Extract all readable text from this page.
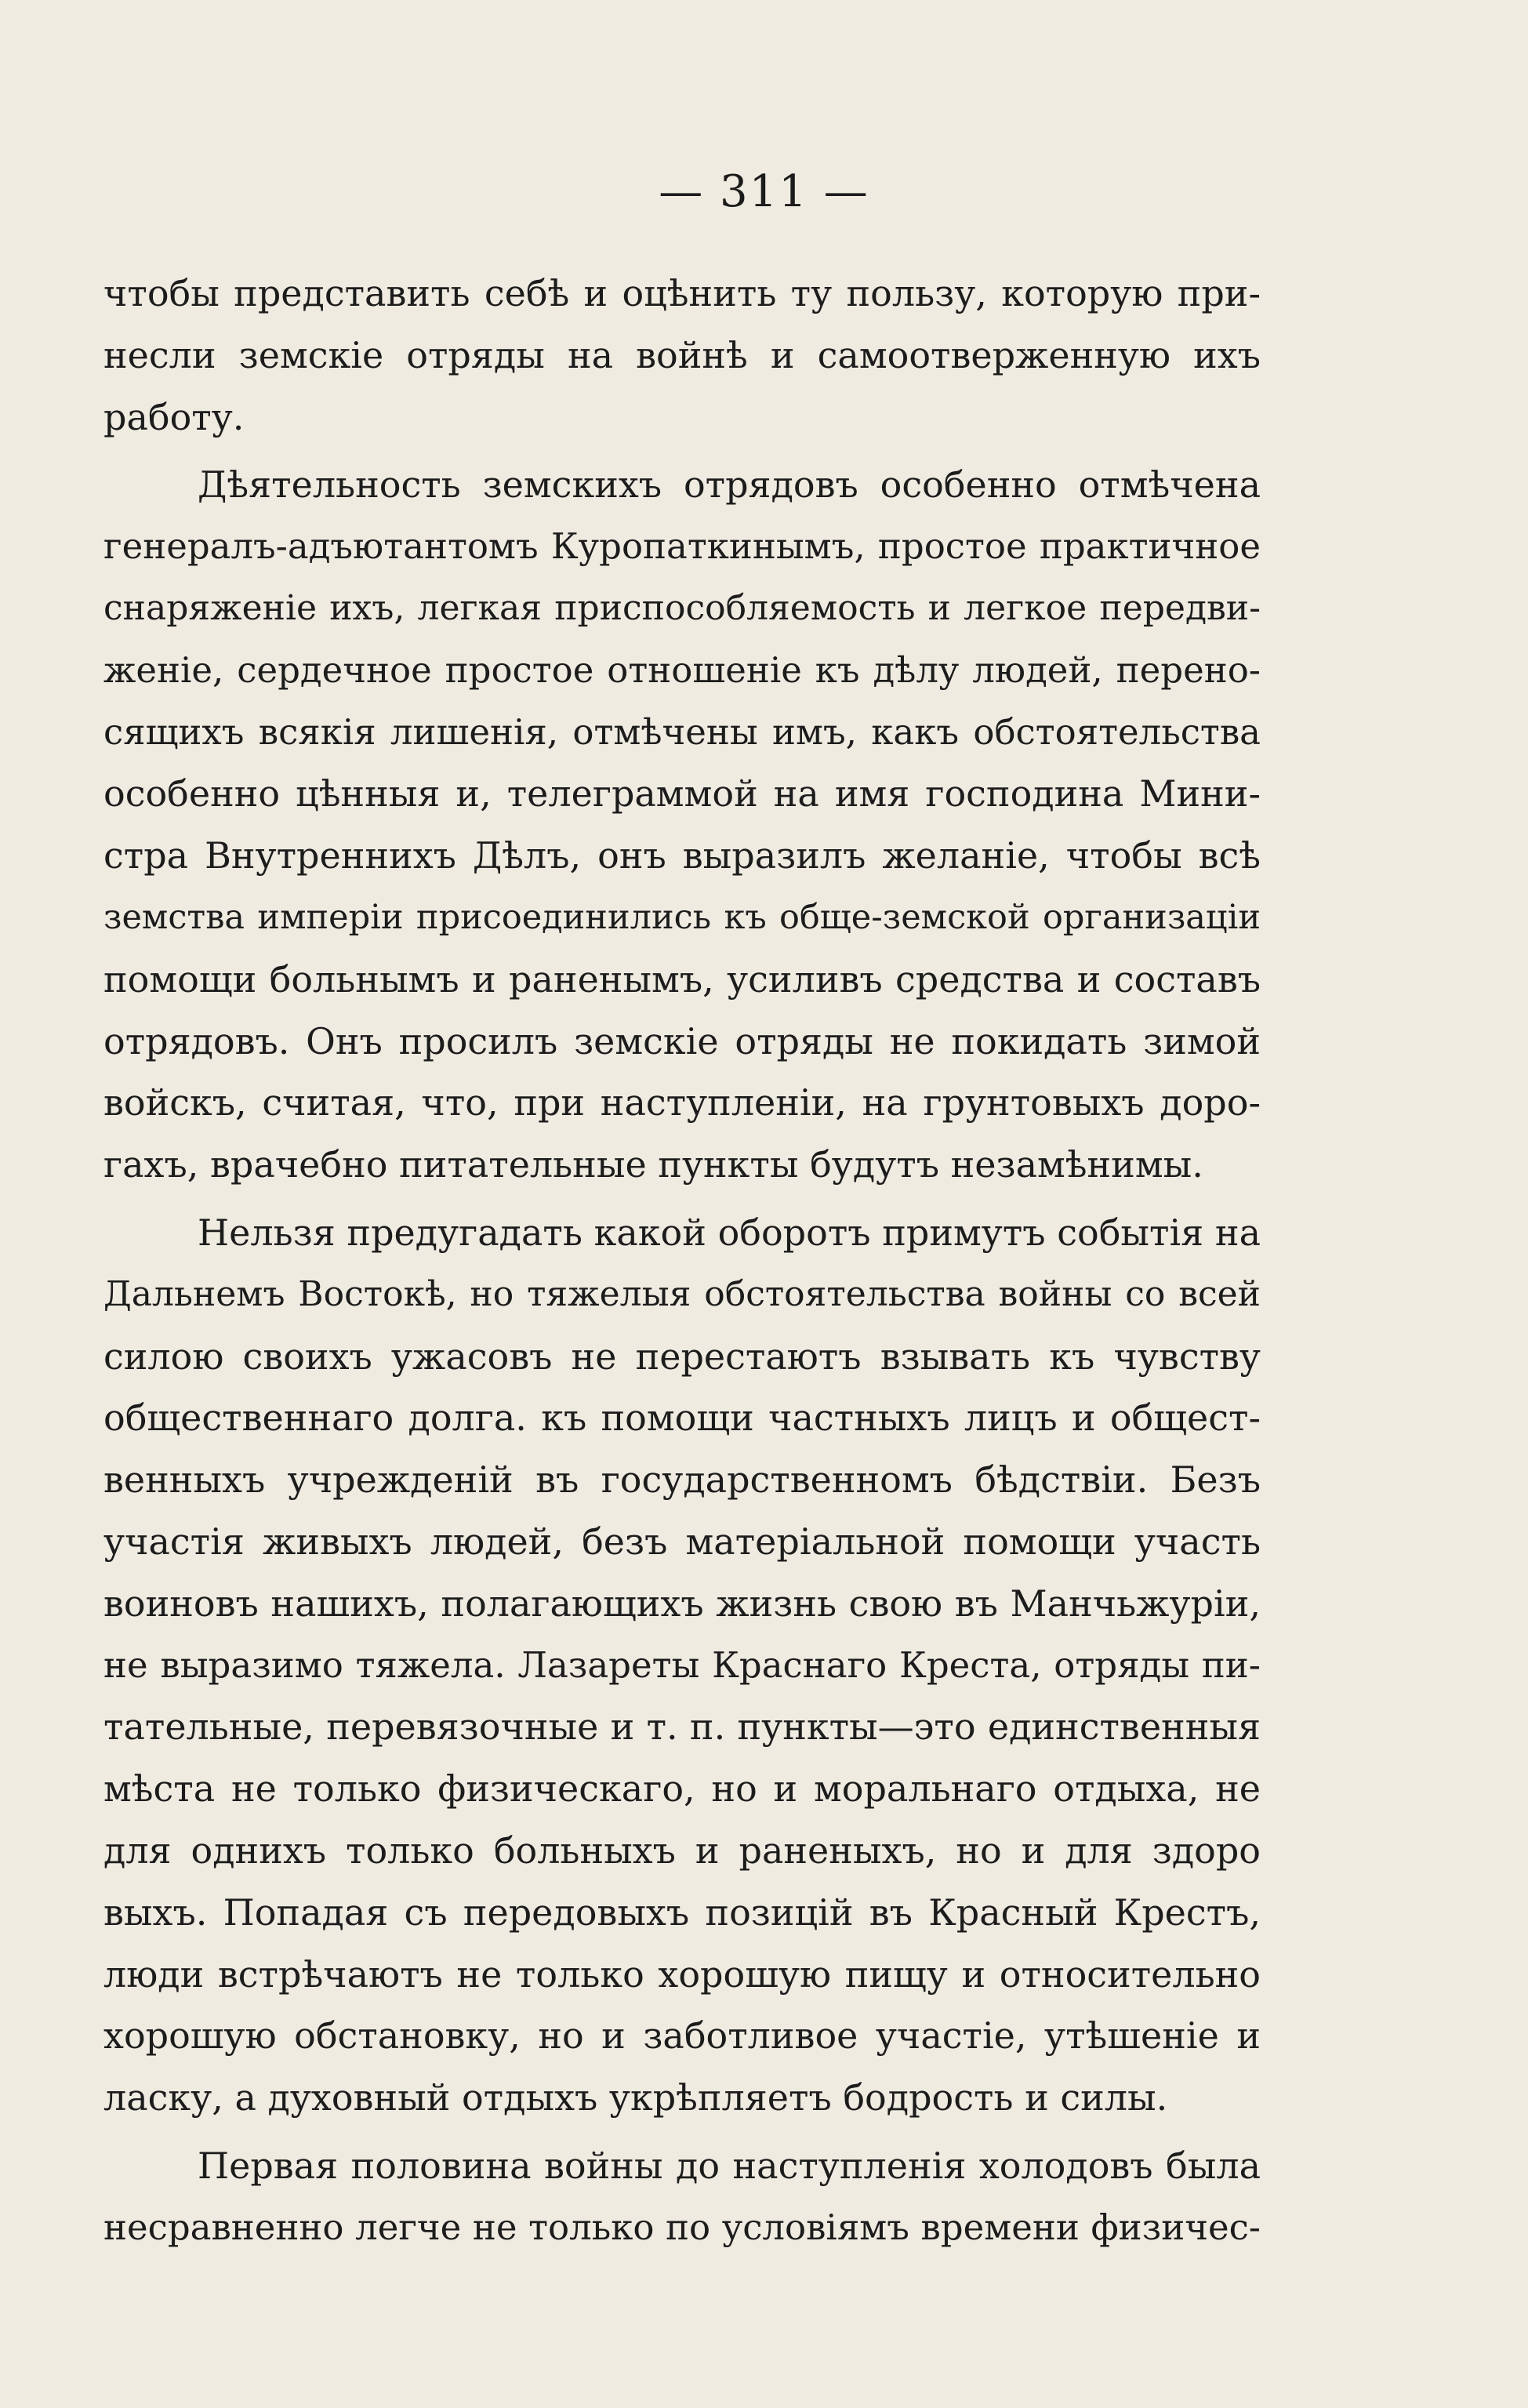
— 311 —
чтобы представить себѣ и оцѣнить ту пользу, которую при-
несли земскіе отряды на войнѣ и самоотверженную ихъ
работу.
Дѣятельность земскихъ отрядовъ особенно отмѣчена
генералъ-адъютантомъ Куропаткинымъ, простое практичное
снаряженіе ихъ, легкая приспособляемость и легкое передви-
женіе, сердечное простое отношеніе къ дѣлу людей, перено-
сящихъ всякія лишенія, отмѣчены имъ, какъ обстоятельства
особенно цѣнныя и, телеграммой на имя господина Мини-
стра Внутреннихъ Дѣлъ, онъ выразилъ желаніе, чтобы всѣ
земства имперіи присоединились къ обще-земской организаціи
помощи больнымъ и раненымъ, усиливъ средства и составъ
отрядовъ. Онъ просилъ земскіе отряды не покидать зимой
войскъ, считая, что, при наступленіи, на грунтовыхъ доро-
гахъ, врачебно питательные пункты будутъ незамѣнимы.
Нельзя предугадать какой оборотъ примутъ событія на
Дальнемъ Востокѣ, но тяжелыя обстоятельства войны со всей
силою своихъ ужасовъ не перестаютъ взывать къ чувству
общественнаго долга. къ помощи частныхъ лицъ и общест-
венныхъ учрежденій въ государственномъ бѣдствіи. Безъ
участія живыхъ людей, безъ матеріальной помощи участь
воиновъ нашихъ, полагающихъ жизнь свою въ Манчьжуріи,
не выразимо тяжела. Лазареты Краснаго Креста, отряды пи-
тательные, перевязочные и т. п. пункты—это единственныя
мѣста не только физическаго, но и моральнаго отдыха, не
для однихъ только больныхъ и раненыхъ, но и для здоро
выхъ. Попадая съ передовыхъ позицій въ Красный Крестъ,
люди встрѣчаютъ не только хорошую пищу и относительно
хорошую обстановку, но и заботливое участіе, утѣшеніе и
ласку, а духовный отдыхъ укрѣпляетъ бодрость и силы.
Первая половина войны до наступленія холодовъ была
несравненно легче не только по условіямъ времени физичес-
